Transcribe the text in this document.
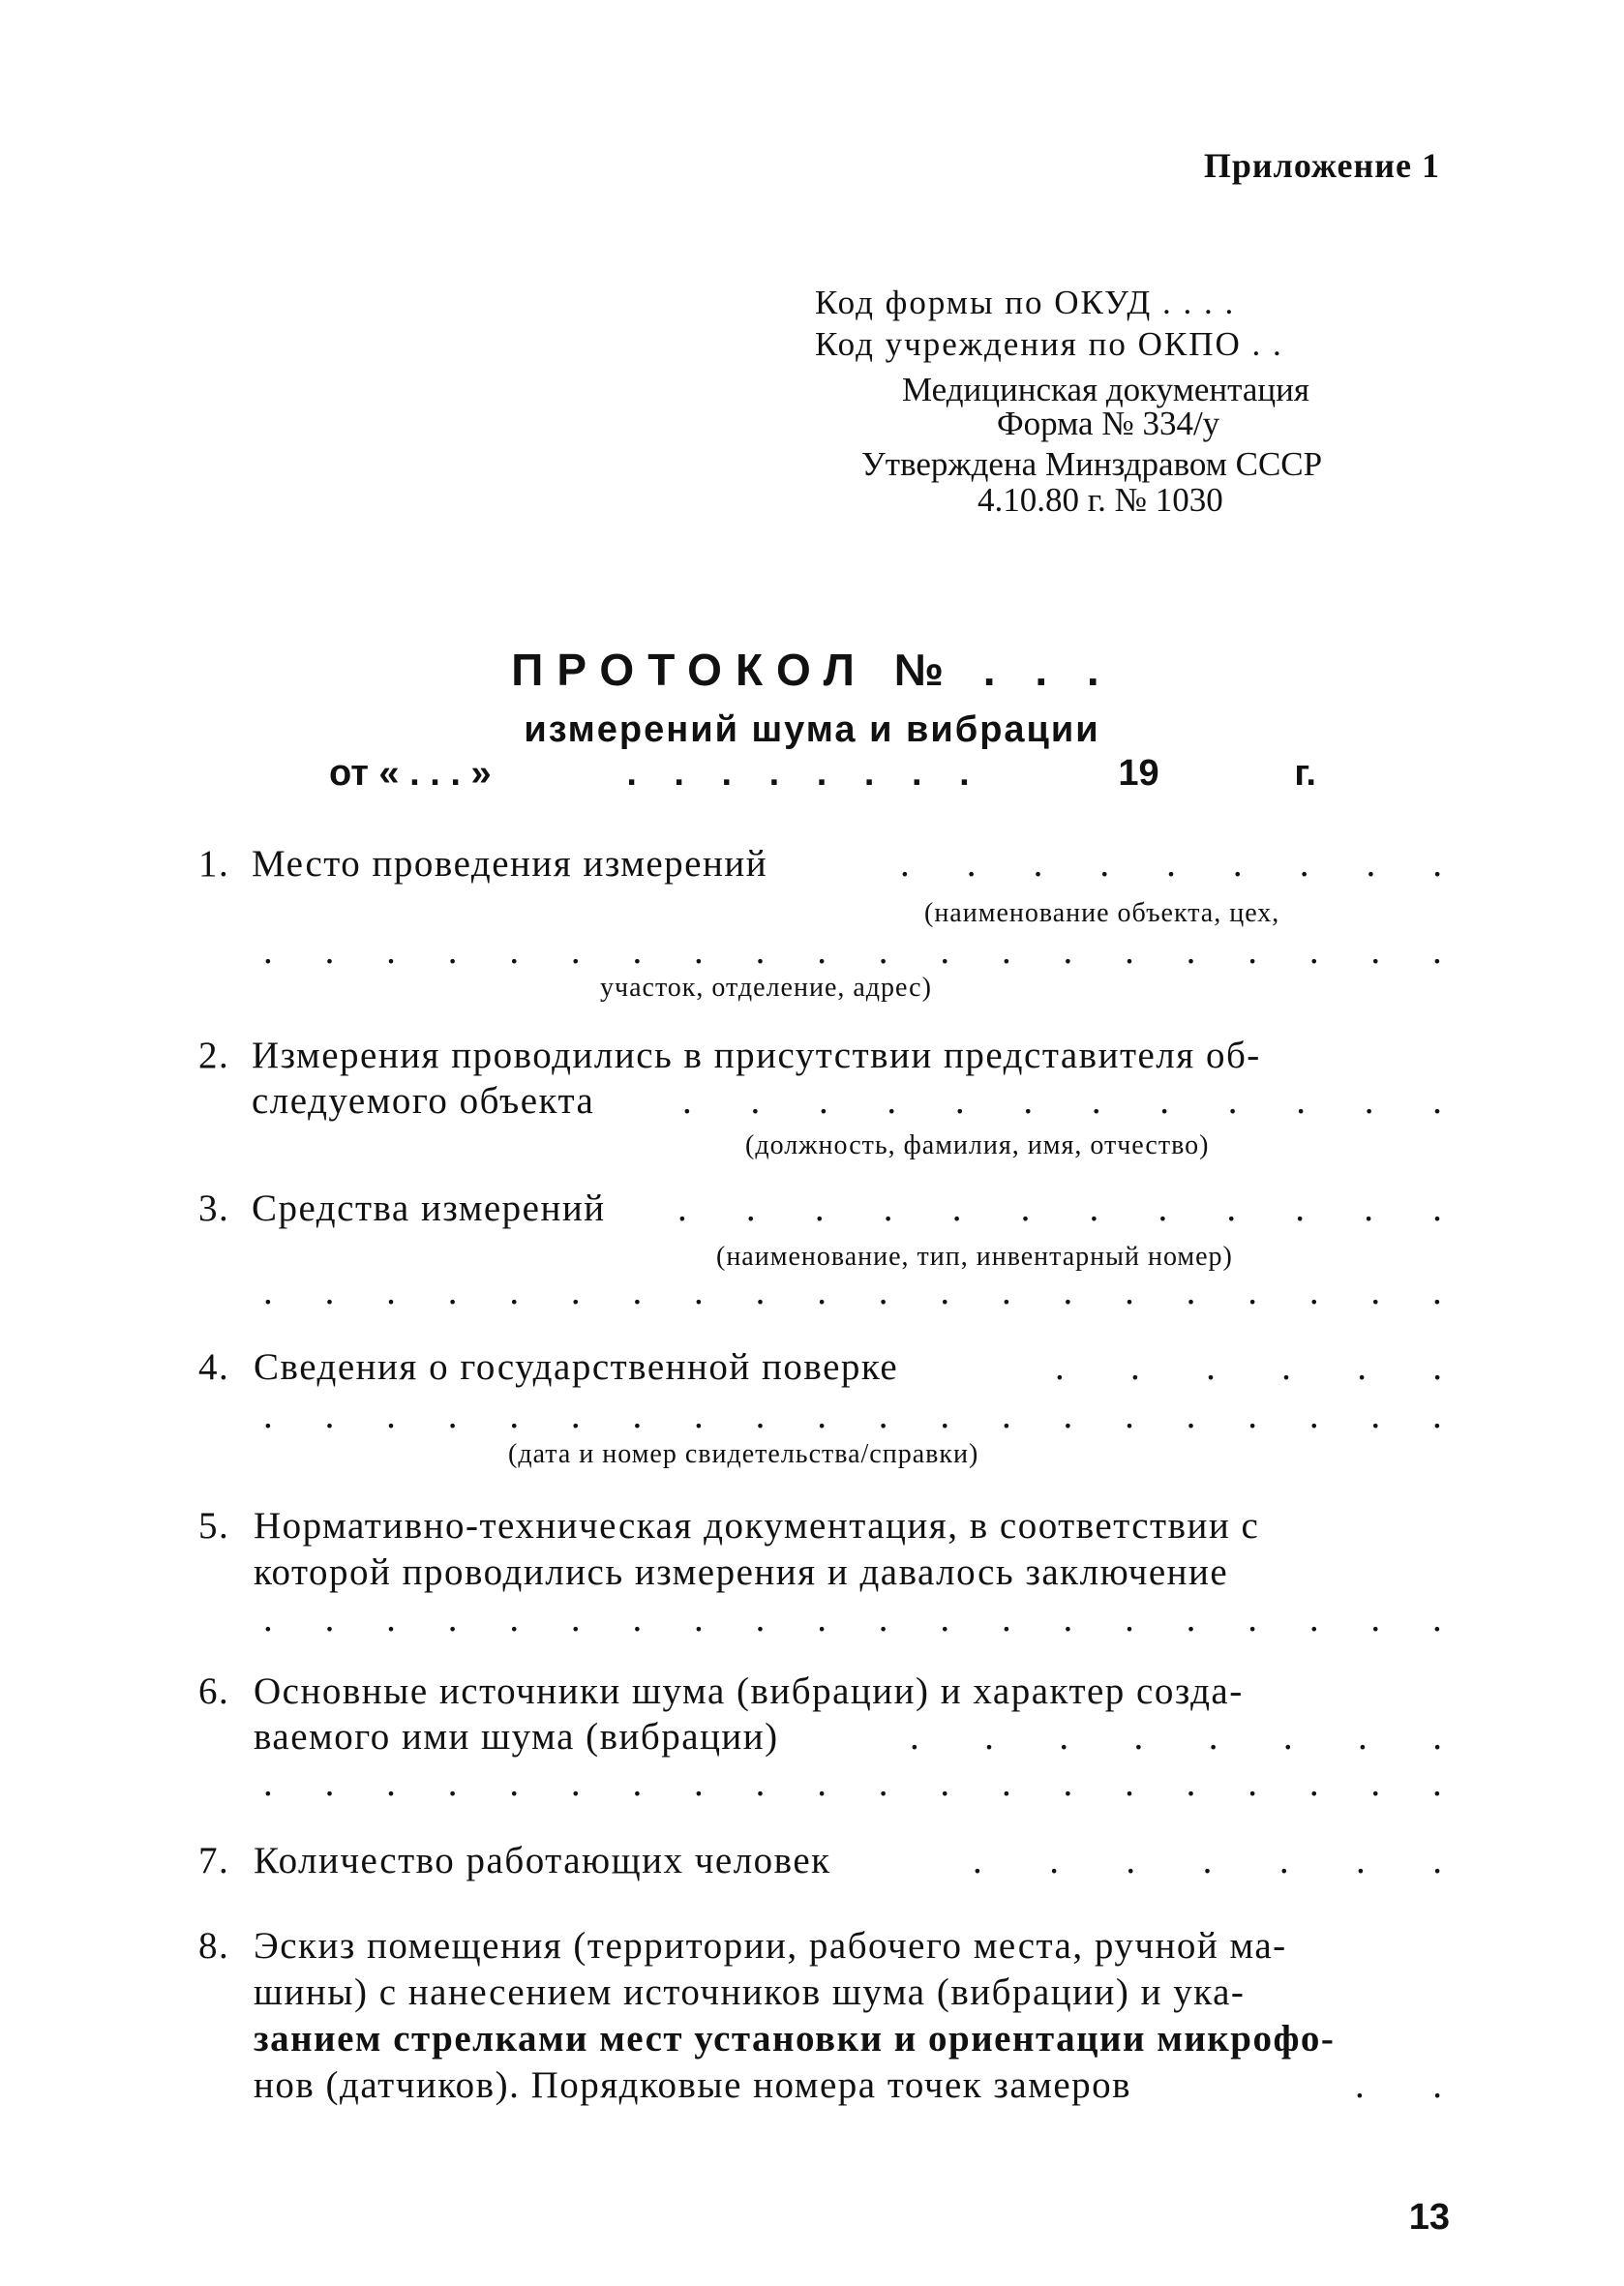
Приложение 1
Код формы по ОКУД . . . .
Код учреждения по ОКПО . .
Медицинская документация
Форма № 334/у
Утверждена Минздравом СССР
4.10.80 г. № 1030
ПРОТОКОЛ № . . .
измерений шума и вибрации
от « . . . »	. . . . . . . .	19	г.
1. Место проведения измерений	. . . . . . . . .
(наименование объекта, цех,
. . . . . . . . . . . . . . . . . . . .
участок, отделение, адрес)
2. Измерения проводились в присутствии представителя об-
следуемого объекта . . . . . . . . . . . .
(должность, фамилия, имя, отчество)
3. Средства измерений . . . . . . . . . . . .
(наименование, тип, инвентарный номер)
. . . . . . . . . . . . . . . . . . . .
4. Сведения о государственной поверке	. . . . . .
. . . . . . . . . . . . . . . . . . . .
(дата и номер свидетельства/справки)
5. Нормативно-техническая документация, в соответствии с
которой проводились измерения и давалось заключение
. . . . . . . . . . . . . . . . . . . .
6. Основные источники шума (вибрации) и характер созда-
ваемого ими шума (вибрации)	. . . . . . . .
. . . . . . . . . . . . . . . . . . . .
7. Количество работающих человек	. . . . . . .
8. Эскиз помещения (территории, рабочего места, ручной ма-
шины) с нанесением источников шума (вибрации) и ука-
занием стрелками мест установки и ориентации микрофо-
нов (датчиков). Порядковые номера точек замеров	. .
13
